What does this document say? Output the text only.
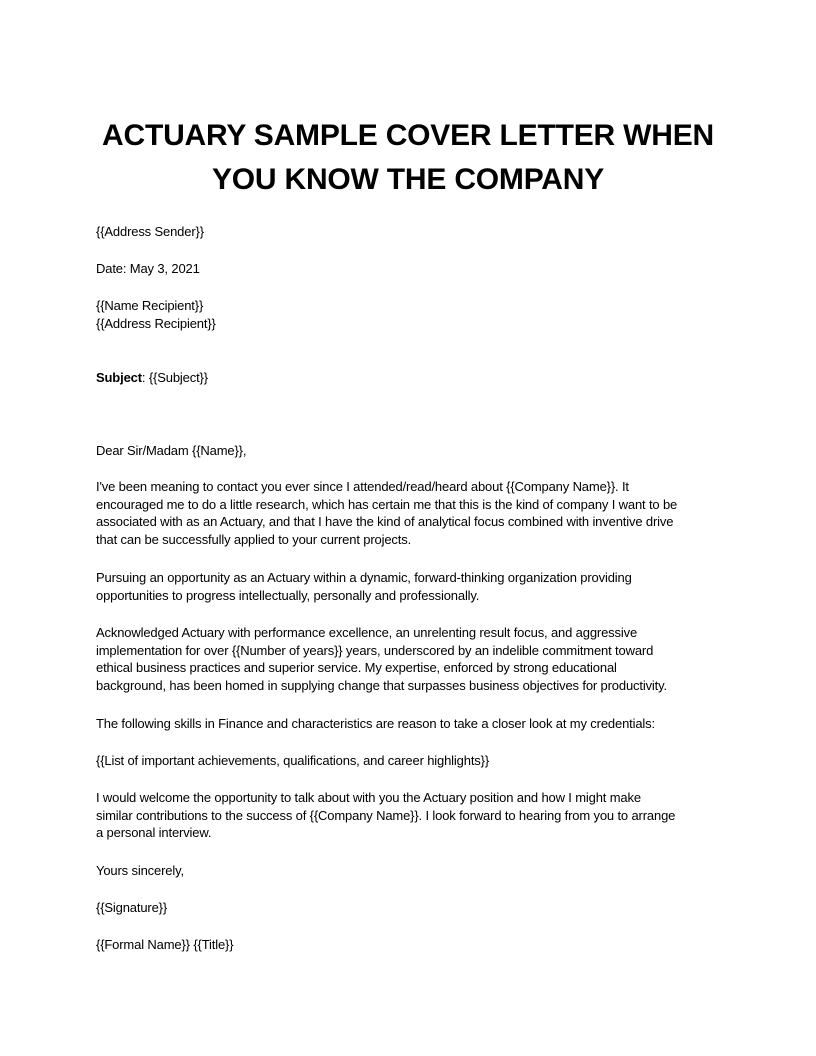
ACTUARY SAMPLE COVER LETTER WHEN
YOU KNOW THE COMPANY

{{Address Sender}}

Date: May 3, 2021

{{Name Recipient}}
{{Address Recipient}}

Subject: {{Subject}}

Dear Sir/Madam {{Name}},

I've been meaning to contact you ever since I attended/read/heard about {{Company Name}}. It
encouraged me to do a little research, which has certain me that this is the kind of company I want to be
associated with as an Actuary, and that I have the kind of analytical focus combined with inventive drive
that can be successfully applied to your current projects.
Pursuing an opportunity as an Actuary within a dynamic, forward-thinking organization providing
opportunities to progress intellectually, personally and professionally.
Acknowledged Actuary with performance excellence, an unrelenting result focus, and aggressive
implementation for over {{Number of years}} years, underscored by an indelible commitment toward
ethical business practices and superior service. My expertise, enforced by strong educational
background, has been homed in supplying change that surpasses business objectives for productivity.

The following skills in Finance and characteristics are reason to take a closer look at my credentials:

{{List of important achievements, qualifications, and career highlights}}

I would welcome the opportunity to talk about with you the Actuary position and how I might make
similar contributions to the success of {{Company Name}}. I look forward to hearing from you to arrange
a personal interview.

Yours sincerely,

{{Signature}}

{{Formal Name}} {{Title}}
